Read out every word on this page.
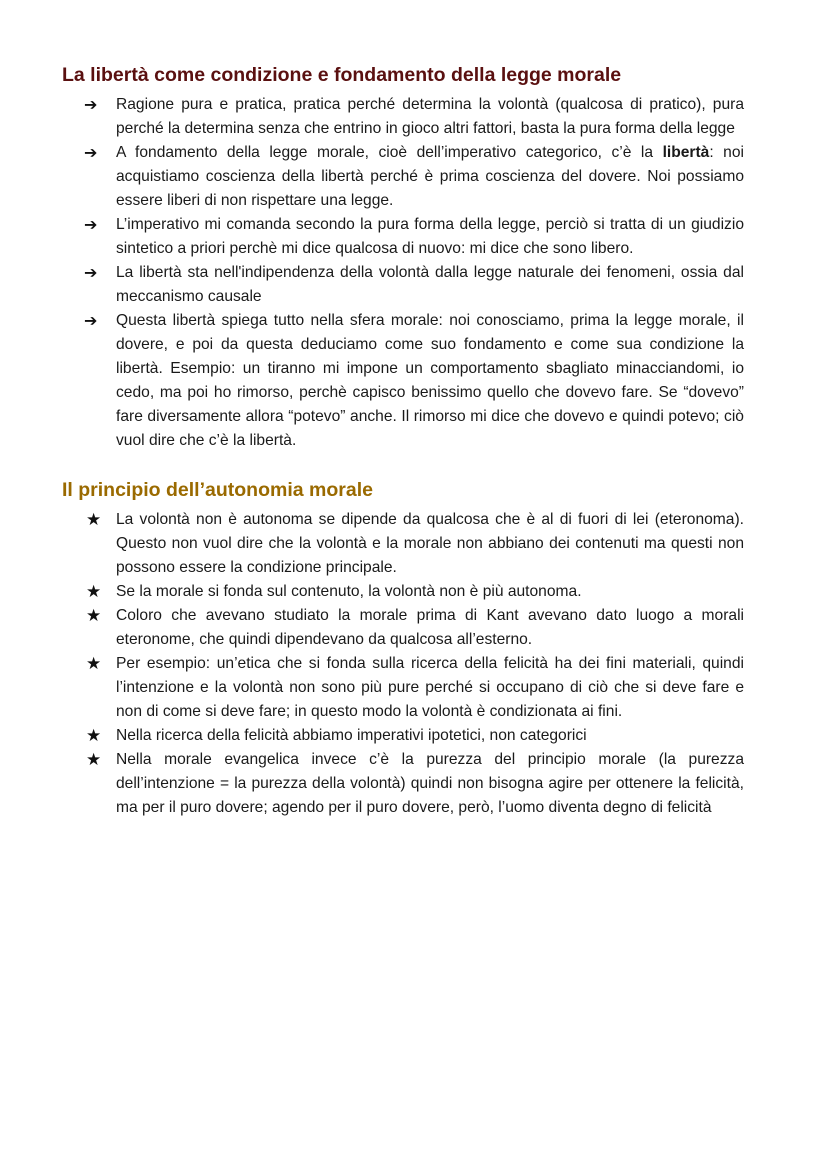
La libertà come condizione e fondamento della legge morale
➔	Ragione pura e pratica, pratica perché determina la volontà (qualcosa di pratico), pura perché la determina senza che entrino in gioco altri fattori, basta la pura forma della legge
➔	A fondamento della legge morale, cioè dell’imperativo categorico, c’è la libertà: noi acquistiamo coscienza della libertà perché è prima coscienza del dovere. Noi possiamo essere liberi di non rispettare una legge.
➔	L’imperativo mi comanda secondo la pura forma della legge, perciò si tratta di un giudizio sintetico a priori perchè mi dice qualcosa di nuovo: mi dice che sono libero.
➔	La libertà sta nell'indipendenza della volontà dalla legge naturale dei fenomeni, ossia dal meccanismo causale
➔	Questa libertà spiega tutto nella sfera morale: noi conosciamo, prima la legge morale, il dovere, e poi da questa deduciamo come suo fondamento e come sua condizione la libertà. Esempio: un tiranno mi impone un comportamento sbagliato minacciandomi, io cedo, ma poi ho rimorso, perchè capisco benissimo quello che dovevo fare. Se “dovevo” fare diversamente allora “potevo” anche. Il rimorso mi dice che dovevo e quindi potevo; ciò vuol dire che c’è la libertà.
Il principio dell’autonomia morale
★ La volontà non è autonoma se dipende da qualcosa che è al di fuori di lei (eteronoma). Questo non vuol dire che la volontà e la morale non abbiano dei contenuti ma questi non possono essere la condizione principale.
★ Se la morale si fonda sul contenuto, la volontà non è più autonoma.
★ Coloro che avevano studiato la morale prima di Kant avevano dato luogo a morali eteronome, che quindi dipendevano da qualcosa all’esterno.
★ Per esempio: un’etica che si fonda sulla ricerca della felicità ha dei fini materiali, quindi l’intenzione e la volontà non sono più pure perché si occupano di ciò che si deve fare e non di come si deve fare; in questo modo la volontà è condizionata ai fini.
★ Nella ricerca della felicità abbiamo imperativi ipotetici, non categorici
★ Nella morale evangelica invece c’è la purezza del principio morale (la purezza dell’intenzione = la purezza della volontà) quindi non bisogna agire per ottenere la felicità, ma per il puro dovere; agendo per il puro dovere, però, l’uomo diventa degno di felicità
